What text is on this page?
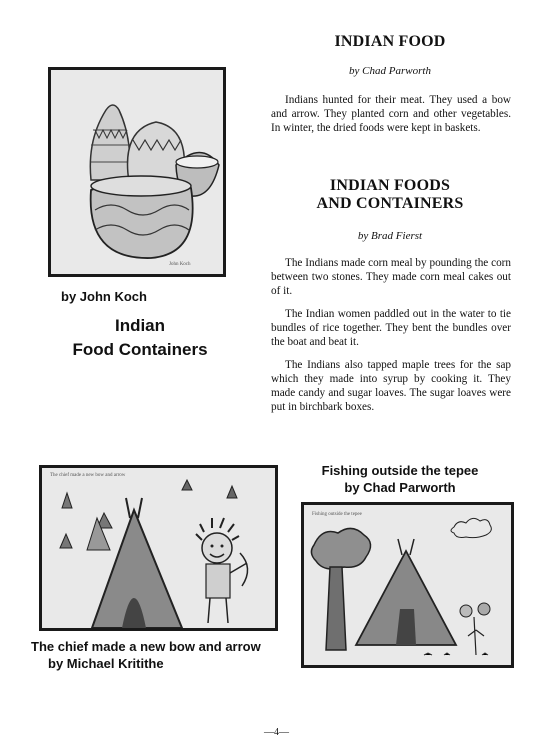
John Koch
by John Koch
Indian
Food Containers
INDIAN FOOD
by Chad Parworth

Indians hunted for their meat. They used a bow and arrow. They planted corn and other vegetables. In winter, the dried foods were kept in baskets.

INDIAN FOODS
AND CONTAINERS
by Brad Fierst

The Indians made corn meal by pounding the corn between two stones. They made corn meal cakes out of it.

The Indian women paddled out in the water to tie bundles of rice together. They bent the bundles over the boat and beat it.

The Indians also tapped maple trees for the sap which they made into syrup by cooking it. They made candy and sugar loaves. The sugar loaves were put in birchbark boxes.

The chief made a new bow and arrow
The chief made a new bow and arrow
by Michael Kritithe
Fishing outside the tepee
by Chad Parworth
Fishing outside the tepee
—4—
